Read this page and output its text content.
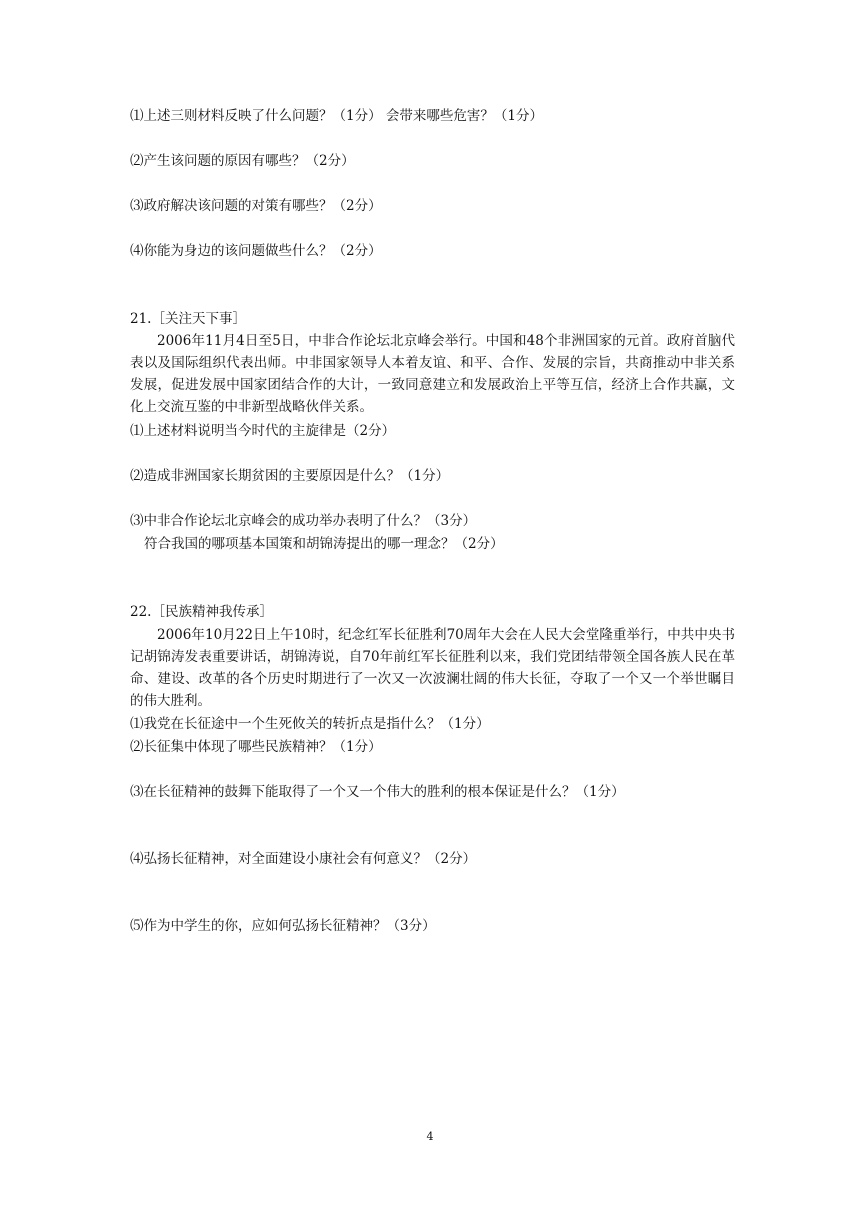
⑴上述三则材料反映了什么问题？（1分） 会带来哪些危害？（1分）
⑵产生该问题的原因有哪些？（2分）
⑶政府解决该问题的对策有哪些？（2分）
⑷你能为身边的该问题做些什么？（2分）
21.［关注天下事］
2006年11月4日至5日，中非合作论坛北京峰会举行。中国和48个非洲国家的元首。政府首脑代表以及国际组织代表出师。中非国家领导人本着友谊、和平、合作、发展的宗旨，共商推动中非关系发展，促进发展中国家团结合作的大计，一致同意建立和发展政治上平等互信，经济上合作共赢，文化上交流互鉴的中非新型战略伙伴关系。
⑴上述材料说明当今时代的主旋律是（2分）
⑵造成非洲国家长期贫困的主要原因是什么？（1分）
⑶中非合作论坛北京峰会的成功举办表明了什么？（3分）
符合我国的哪项基本国策和胡锦涛提出的哪一理念？（2分）
22.［民族精神我传承］
2006年10月22日上午10时，纪念红军长征胜利70周年大会在人民大会堂隆重举行，中共中央书记胡锦涛发表重要讲话，胡锦涛说，自70年前红军长征胜利以来，我们党团结带领全国各族人民在革命、建设、改革的各个历史时期进行了一次又一次波澜壮阔的伟大长征，夺取了一个又一个举世瞩目的伟大胜利。
⑴我党在长征途中一个生死攸关的转折点是指什么？（1分）
⑵长征集中体现了哪些民族精神？（1分）
⑶在长征精神的鼓舞下能取得了一个又一个伟大的胜利的根本保证是什么？（1分）
⑷弘扬长征精神，对全面建设小康社会有何意义？（2分）
⑸作为中学生的你，应如何弘扬长征精神？（3分）
4
